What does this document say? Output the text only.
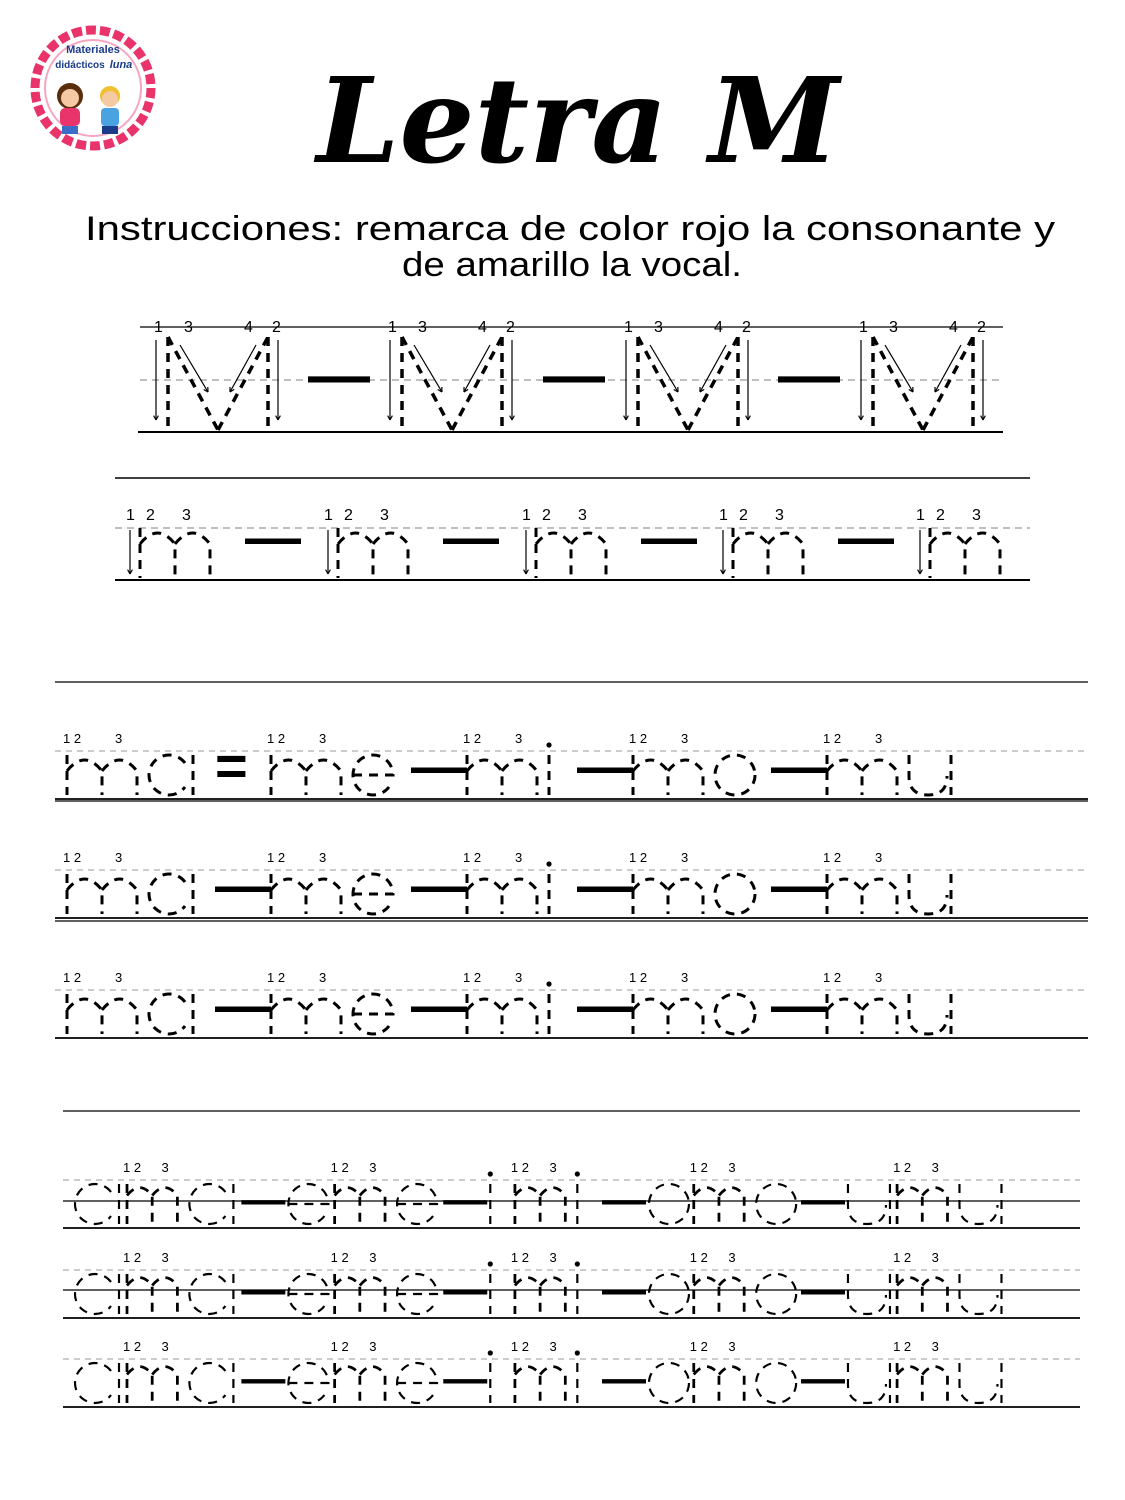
Materiales
didácticos luna Letra M
Instrucciones: remarca de color rojo la consonante y
de amarillo la vocal.
1 3	4 2
M
1 3	4 2
M
1 3	4 2
M
1 3	4 2
M
—	—	—
1 2 3	1 2 3	1 2 3	1 2 3	1 2 3
—	—	—	—
1 2	3
ma
= 1 2	3
me
—
1 2	3
mi
—
1 2	3
mo
—
1 2	3
mu
1 2	3
ma
—
1 2	3
me
—
1 2	3
mi
—
1 2	3
mo
—
1 2	3
mu
1 2	3
ma
—
1 2	3
me
—
1 2	3
mi
—
1 2	3
mo
—
1 2	3
mu
1 2 3
ama
—
1 2 3
eme
—
1 2 3
imi
—
1 2 3
omo
—
1 2 3
umu
1 2 3
ama
—
1 2 3
eme
—
1 2 3
imi
—
1 2 3
omo
—
1 2 3
umu
1 2 3
ama
—
1 2 3
eme
—
1 2 3
imi
—
1 2 3
omo
—
1 2 3
umu
